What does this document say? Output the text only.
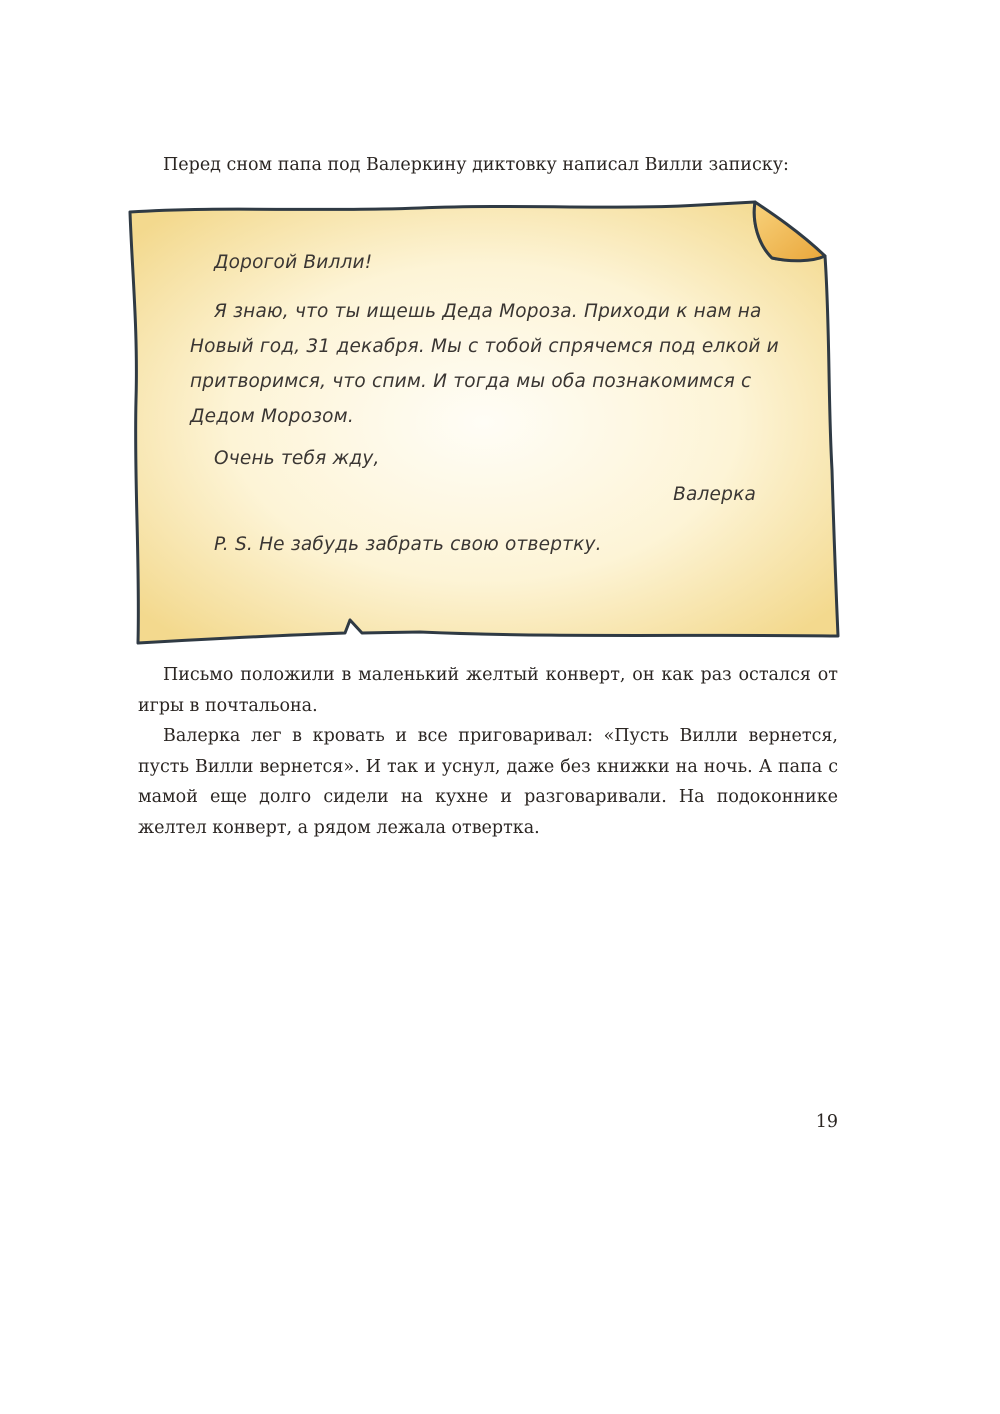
Перед сном папа под Валеркину диктовку написал Вилли записку:

Дорогой Вилли!

Я знаю, что ты ищешь Деда Мороза. Приходи к нам на Новый год, 31 декабря. Мы с тобой спрячемся под елкой и притворимся, что спим. И тогда мы оба познакомимся с Дедом Морозом.

Очень тебя жду,

Валерка

P. S. Не забудь забрать свою отвертку.

Письмо положили в маленький желтый конверт, он как раз остался от игры в почтальона.

Валерка лег в кровать и все приговаривал: «Пусть Вилли вернется, пусть Вилли вернется». И так и уснул, даже без книжки на ночь. А папа с мамой еще долго сидели на кухне и разговаривали. На подоконнике желтел конверт, а рядом лежала отвертка.

19
